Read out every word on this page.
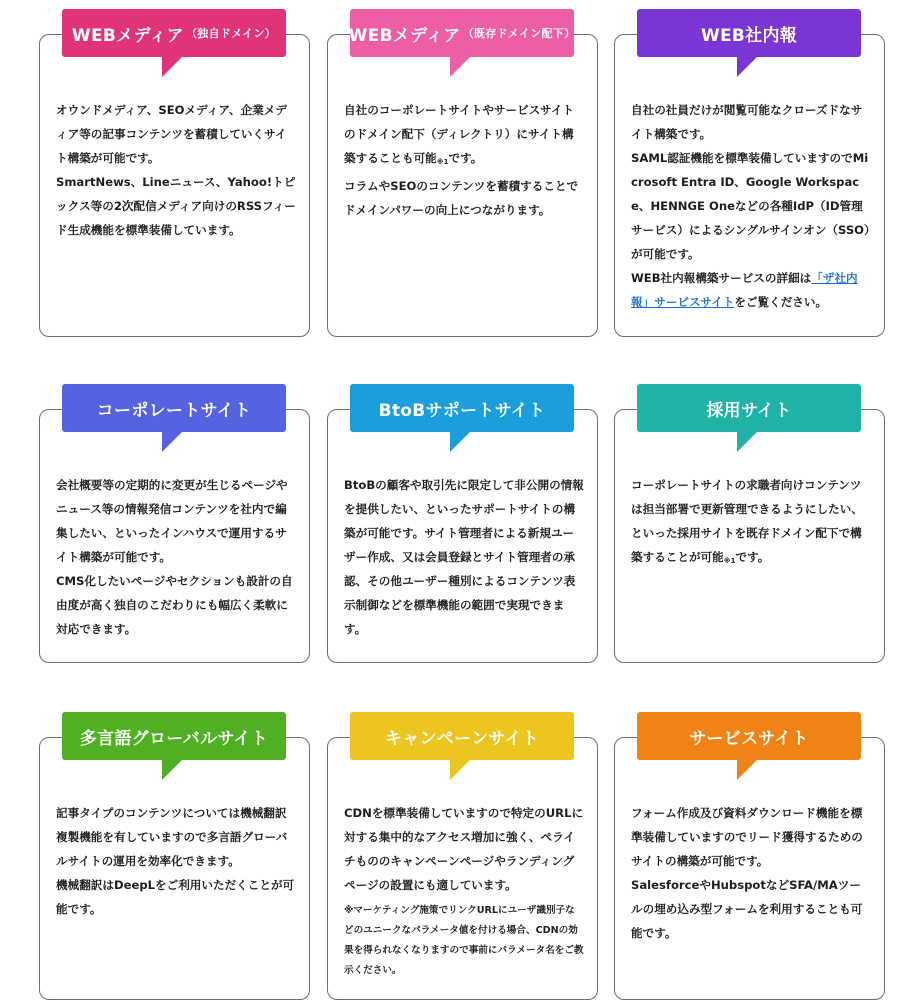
WEBメディア （独自ドメイン）

オウンドメディア、SEOメディア、企業メディア等の記事コンテンツを蓄積していくサイト構築が可能です。

SmartNews、Lineニュース、Yahoo!トピックス等の2次配信メディア向けのRSSフィード生成機能を標準装備しています。

WEBメディア （既存ドメイン配下）

自社のコーポレートサイトやサービスサイトのドメイン配下（ディレクトリ）にサイト構築することも可能$_{※1}$です。

コラムやSEOのコンテンツを蓄積することでドメインパワーの向上につながります。

WEB社内報

自社の社員だけが閲覧可能なクローズドなサイト構築です。

SAML認証機能を標準装備していますのでMicrosoft Entra ID、Google Workspace、HENNGE Oneなどの各種IdP（ID管理サービス）によるシングルサインオン（SSO）が可能です。

WEB社内報構築サービスの詳細は「ザ社内報」サービスサイトをご覧ください。

コーポレートサイト

会社概要等の定期的に変更が生じるページやニュース等の情報発信コンテンツを社内で編集したい、といったインハウスで運用するサイト構築が可能です。

CMS化したいページやセクションも設計の自由度が高く独自のこだわりにも幅広く柔軟に対応できます。

BtoBサポートサイト

BtoBの顧客や取引先に限定して非公開の情報を提供したい、といったサポートサイトの構築が可能です。サイト管理者による新規ユーザー作成、又は会員登録とサイト管理者の承認、その他ユーザー種別によるコンテンツ表示制御などを標準機能の範囲で実現できます。

採用サイト

コーポレートサイトの求職者向けコンテンツは担当部署で更新管理できるようにしたい、といった採用サイトを既存ドメイン配下で構築することが可能$_{※1}$です。

多言語グローバルサイト

記事タイプのコンテンツについては機械翻訳複製機能を有していますので多言語グローバルサイトの運用を効率化できます。

機械翻訳はDeepLをご利用いただくことが可能です。

キャンペーンサイト

CDNを標準装備していますので特定のURLに対する集中的なアクセス増加に強く、ペライチもののキャンペーンページやランディングページの設置にも適しています。

※マーケティング施策でリンクURLにユーザ識別子などのユニークなパラメータ値を付ける場合、CDNの効果を得られなくなりますので事前にパラメータ名をご教示ください。

サービスサイト

フォーム作成及び資料ダウンロード機能を標準装備していますのでリード獲得するためのサイトの構築が可能です。

SalesforceやHubspotなどSFA/MAツールの埋め込み型フォームを利用することも可能です。
